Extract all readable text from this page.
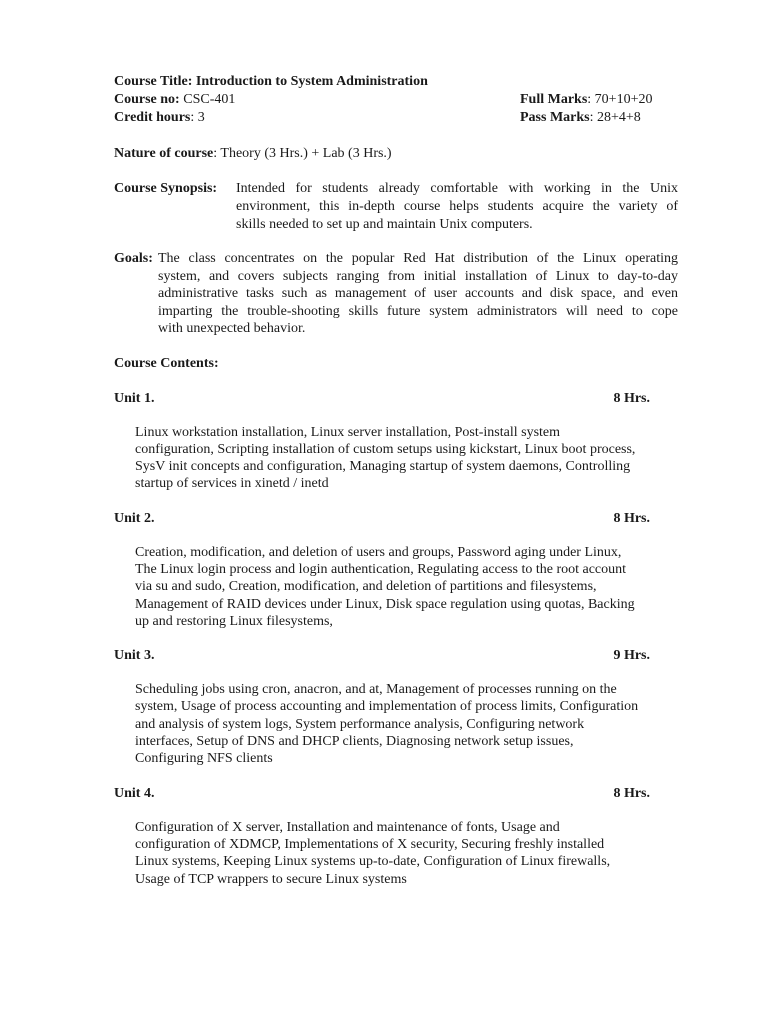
Course Title: Introduction to System Administration
Course no: CSC-401	Full Marks: 70+10+20
Credit hours: 3	Pass Marks: 28+4+8
Nature of course: Theory (3 Hrs.) + Lab (3 Hrs.)
Course Synopsis:	Intended for students already comfortable with working in the Unix
environment, this in-depth course helps students acquire the variety of
skills needed to set up and maintain Unix computers.
Goals: The class concentrates on the popular Red Hat distribution of the Linux operating
system, and covers subjects ranging from initial installation of Linux to day-to-day
administrative tasks such as management of user accounts and disk space, and even
imparting the trouble-shooting skills future system administrators will need to cope
with unexpected behavior.
Course Contents:
Unit 1.	8 Hrs.
Linux workstation installation, Linux server installation, Post-install system
configuration, Scripting installation of custom setups using kickstart, Linux boot process,
SysV init concepts and configuration, Managing startup of system daemons, Controlling
startup of services in xinetd / inetd
Unit 2.	8 Hrs.
Creation, modification, and deletion of users and groups, Password aging under Linux,
The Linux login process and login authentication, Regulating access to the root account
via su and sudo, Creation, modification, and deletion of partitions and filesystems,
Management of RAID devices under Linux, Disk space regulation using quotas, Backing
up and restoring Linux filesystems,
Unit 3.	9 Hrs.
Scheduling jobs using cron, anacron, and at, Management of processes running on the
system, Usage of process accounting and implementation of process limits, Configuration
and analysis of system logs, System performance analysis, Configuring network
interfaces, Setup of DNS and DHCP clients, Diagnosing network setup issues,
Configuring NFS clients
Unit 4.	8 Hrs.
Configuration of X server, Installation and maintenance of fonts, Usage and
configuration of XDMCP, Implementations of X security, Securing freshly installed
Linux systems, Keeping Linux systems up-to-date, Configuration of Linux firewalls,
Usage of TCP wrappers to secure Linux systems
